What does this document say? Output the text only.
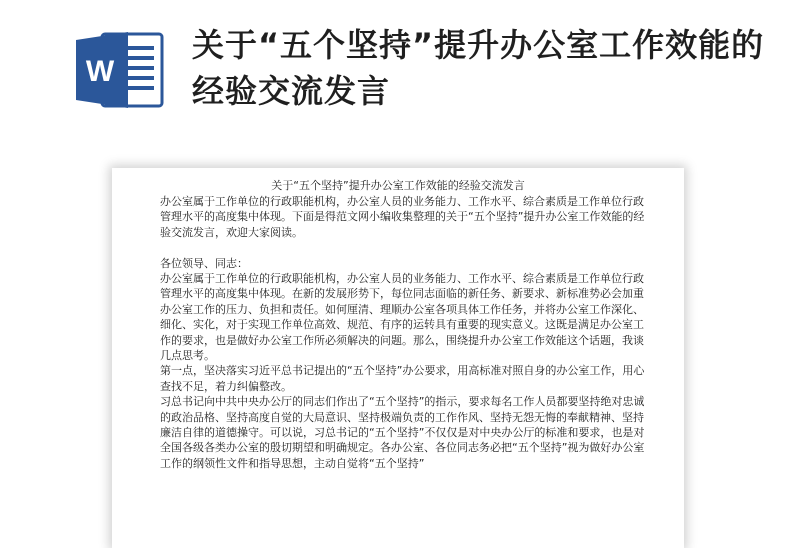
W
关于“五个坚持”提升办公室工作效能的经验交流发言
关于“五个坚持”提升办公室工作效能的经验交流发言

办公室属于工作单位的行政职能机构，办公室人员的业务能力、工作水平、综合素质是工作单位行政管理水平的高度集中体现。下面是得范文网小编收集整理的关于“五个坚持”提升办公室工作效能的经验交流发言，欢迎大家阅读。

各位领导、同志：

办公室属于工作单位的行政职能机构，办公室人员的业务能力、工作水平、综合素质是工作单位行政管理水平的高度集中体现。在新的发展形势下，每位同志面临的新任务、新要求、新标准势必会加重办公室工作的压力、负担和责任。如何厘清、理顺办公室各项具体工作任务，并将办公室工作深化、细化、实化，对于实现工作单位高效、规范、有序的运转具有重要的现实意义。这既是满足办公室工作的要求，也是做好办公室工作所必须解决的问题。那么，围绕提升办公室工作效能这个话题，我谈几点思考。

第一点，坚决落实习近平总书记提出的“五个坚持”办公要求，用高标准对照自身的办公室工作，用心查找不足，着力纠偏整改。

习总书记向中共中央办公厅的同志们作出了“五个坚持”的指示，要求每名工作人员都要坚持绝对忠诚的政治品格、坚持高度自觉的大局意识、坚持极端负责的工作作风、坚持无怨无悔的奉献精神、坚持廉洁自律的道德操守。可以说，习总书记的“五个坚持”不仅仅是对中央办公厅的标准和要求，也是对全国各级各类办公室的殷切期望和明确规定。各办公室、各位同志务必把“五个坚持”视为做好办公室工作的纲领性文件和指导思想，主动自觉将“五个坚持”
